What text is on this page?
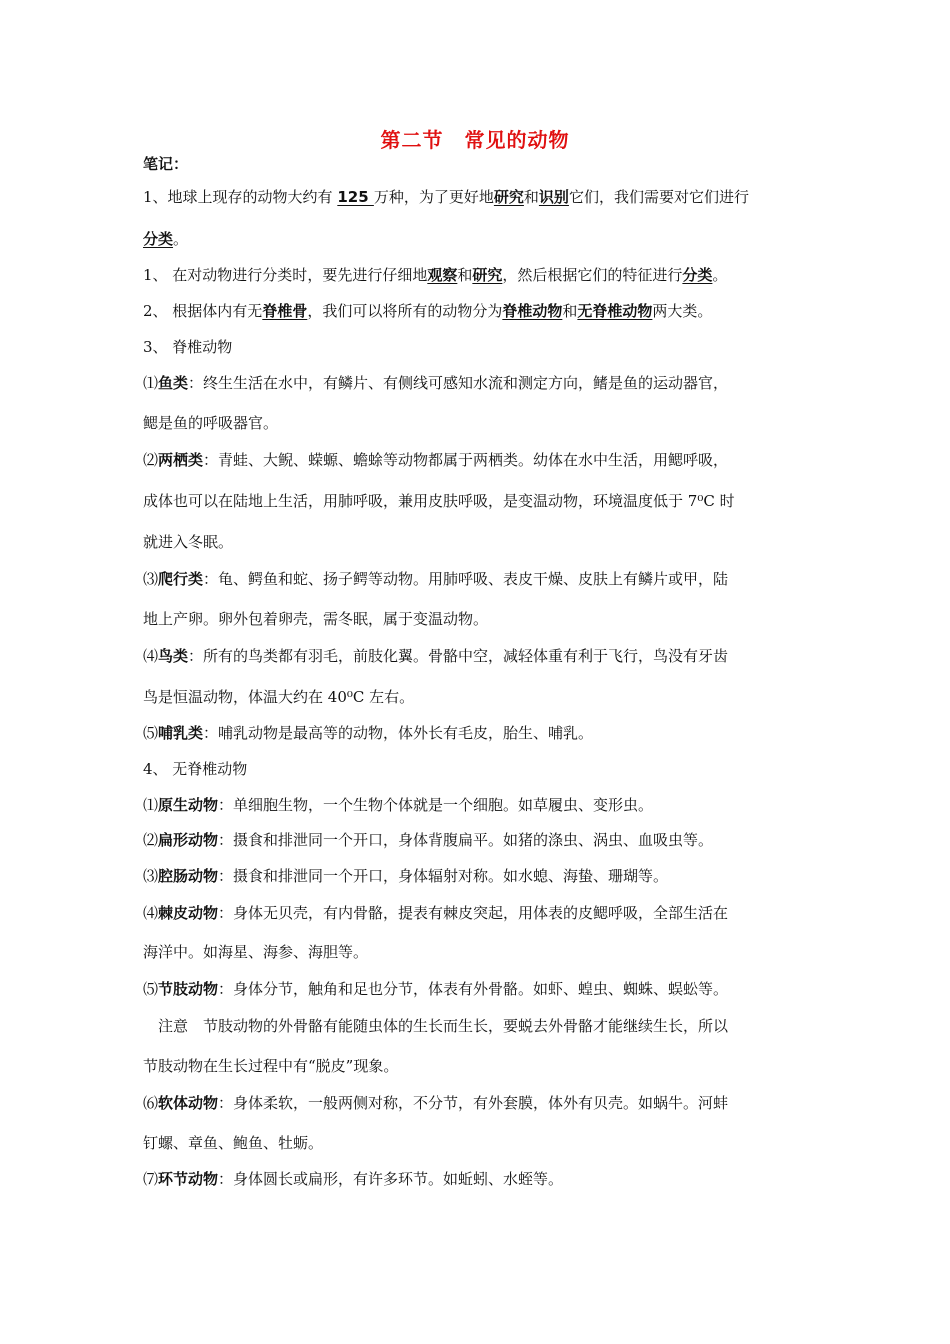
第二节　常见的动物
笔记：
1、地球上现存的动物大约有 125 万种，为了更好地研究和识别它们，我们需要对它们进行
分类。
1、 在对动物进行分类时，要先进行仔细地观察和研究，然后根据它们的特征进行分类。
2、 根据体内有无脊椎骨，我们可以将所有的动物分为脊椎动物和无脊椎动物两大类。
3、 脊椎动物
⑴鱼类：终生生活在水中，有鳞片、有侧线可感知水流和测定方向，鳍是鱼的运动器官，
鳃是鱼的呼吸器官。
⑵两栖类：青蛙、大鲵、蝾螈、蟾蜍等动物都属于两栖类。幼体在水中生活，用鳃呼吸，
成体也可以在陆地上生活，用肺呼吸，兼用皮肤呼吸，是变温动物，环境温度低于 7⁰C 时
就进入冬眠。
⑶爬行类：龟、鳄鱼和蛇、扬子鳄等动物。用肺呼吸、表皮干燥、皮肤上有鳞片或甲，陆
地上产卵。卵外包着卵壳，需冬眠，属于变温动物。
⑷鸟类：所有的鸟类都有羽毛，前肢化翼。骨骼中空，减轻体重有利于飞行，鸟没有牙齿
鸟是恒温动物，体温大约在 40⁰C 左右。
⑸哺乳类：哺乳动物是最高等的动物，体外长有毛皮，胎生、哺乳。
4、 无脊椎动物
⑴原生动物：单细胞生物，一个生物个体就是一个细胞。如草履虫、变形虫。
⑵扁形动物：摄食和排泄同一个开口，身体背腹扁平。如猪的涤虫、涡虫、血吸虫等。
⑶腔肠动物：摄食和排泄同一个开口，身体辐射对称。如水螅、海蛰、珊瑚等。
⑷棘皮动物：身体无贝壳，有内骨骼，提表有棘皮突起，用体表的皮鳃呼吸，全部生活在
海洋中。如海星、海参、海胆等。
⑸节肢动物：身体分节，触角和足也分节，体表有外骨骼。如虾、蝗虫、蜘蛛、蜈蚣等。
　注意　节肢动物的外骨骼有能随虫体的生长而生长，要蜕去外骨骼才能继续生长，所以
节肢动物在生长过程中有“脱皮”现象。
⑹软体动物：身体柔软，一般两侧对称，不分节，有外套膜，体外有贝壳。如蜗牛。河蚌
钉螺、章鱼、鲍鱼、牡蛎。
⑺环节动物：身体圆长或扁形，有许多环节。如蚯蚓、水蛭等。
